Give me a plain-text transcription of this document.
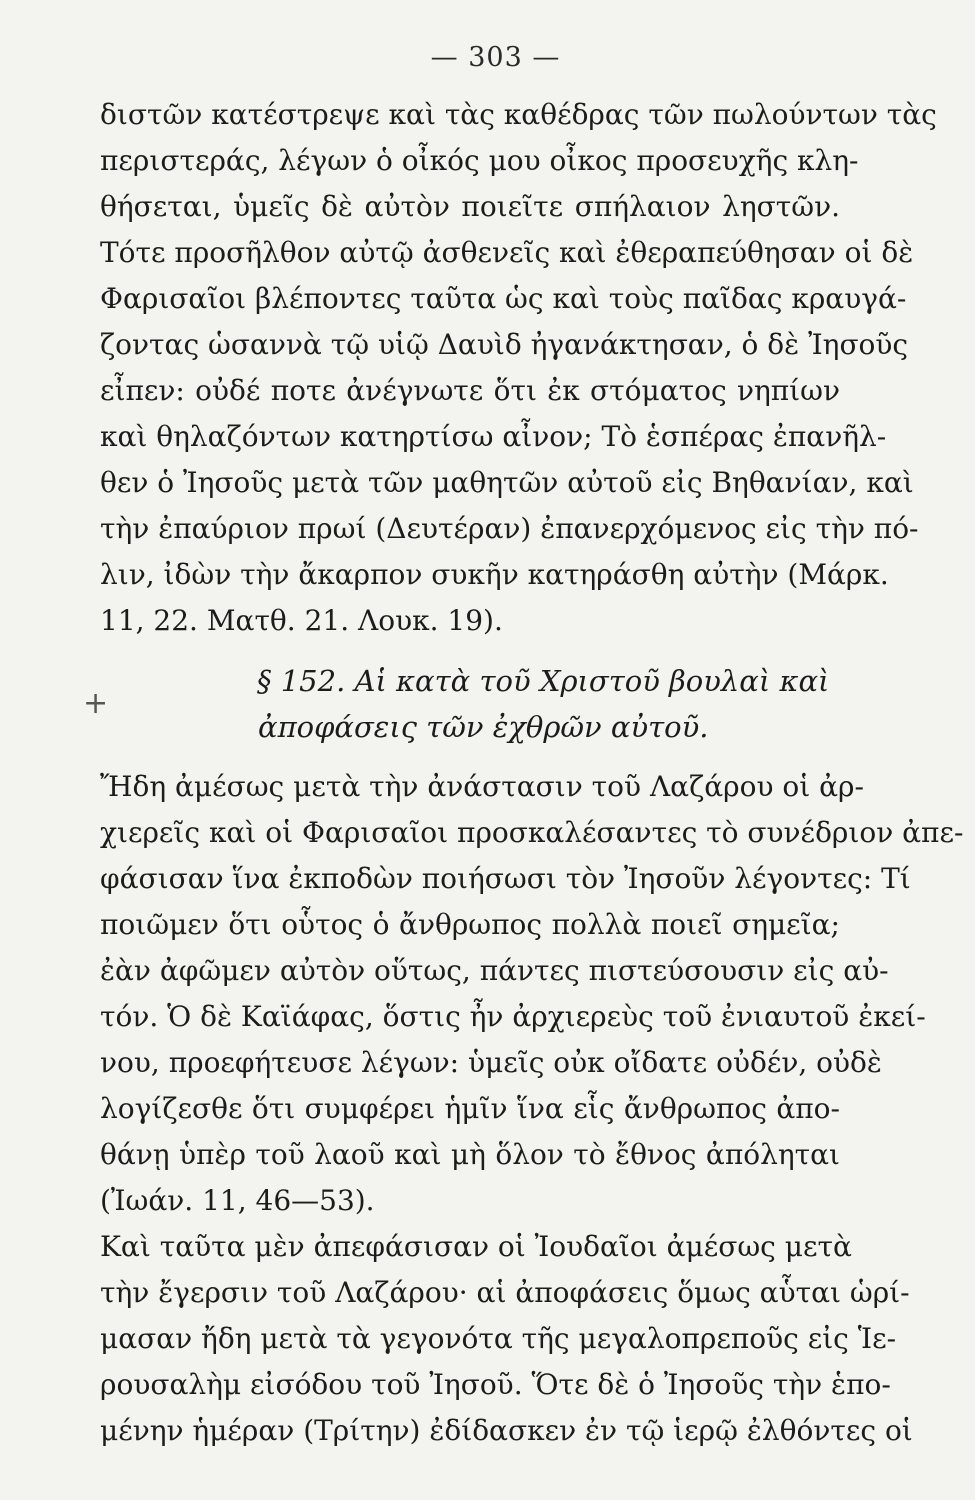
— 303 —
+
διστῶν κατέστρεψε καὶ τὰς καθέδρας τῶν πωλούντων τὰς
περιστεράς, λέγων ὁ οἶκός μου οἶκος προσευχῆς κλη-
θήσεται, ὑμεῖς δὲ αὐτὸν ποιεῖτε σπήλαιον ληστῶν.
Τότε προσῆλθον αὐτῷ ἀσθενεῖς καὶ ἐθεραπεύθησαν οἱ δὲ
Φαρισαῖοι βλέποντες ταῦτα ὡς καὶ τοὺς παῖδας κραυγά-
ζοντας ὡσαννὰ τῷ υἱῷ Δαυὶδ ἠγανάκτησαν, ὁ δὲ Ἰησοῦς
εἶπεν: οὐδέ ποτε ἀνέγνωτε ὅτι ἐκ στόματος νηπίων
καὶ θηλαζόντων κατηρτίσω αἶνον; Τὸ ἑσπέρας ἐπανῆλ-
θεν ὁ Ἰησοῦς μετὰ τῶν μαθητῶν αὐτοῦ εἰς Βηθανίαν, καὶ
τὴν ἐπαύριον πρωί (Δευτέραν) ἐπανερχόμενος εἰς τὴν πό-
λιν, ἰδὼν τὴν ἄκαρπον συκῆν κατηράσθη αὐτὴν (Μάρκ.
11, 22. Ματθ. 21. Λουκ. 19).
§ 152. Αἱ κατὰ τοῦ Χριστοῦ βουλαὶ καὶ
ἀποφάσεις τῶν ἐχθρῶν αὐτοῦ.
Ἤδη ἀμέσως μετὰ τὴν ἀνάστασιν τοῦ Λαζάρου οἱ ἀρ-
χιερεῖς καὶ οἱ Φαρισαῖοι προσκαλέσαντες τὸ συνέδριον ἀπε-
φάσισαν ἵνα ἐκποδὼν ποιήσωσι τὸν Ἰησοῦν λέγοντες: Τί
ποιῶμεν ὅτι οὗτος ὁ ἄνθρωπος πολλὰ ποιεῖ σημεῖα;
ἐὰν ἀφῶμεν αὐτὸν οὕτως, πάντες πιστεύσουσιν εἰς αὐ-
τόν. Ὁ δὲ Καϊάφας, ὅστις ἦν ἀρχιερεὺς τοῦ ἐνιαυτοῦ ἐκεί-
νου, προεφήτευσε λέγων: ὑμεῖς οὐκ οἴδατε οὐδέν, οὐδὲ
λογίζεσθε ὅτι συμφέρει ἡμῖν ἵνα εἷς ἄνθρωπος ἀπο-
θάνῃ ὑπὲρ τοῦ λαοῦ καὶ μὴ ὅλον τὸ ἔθνος ἀπόληται
(Ἰωάν. 11, 46—53).
Καὶ ταῦτα μὲν ἀπεφάσισαν οἱ Ἰουδαῖοι ἀμέσως μετὰ
τὴν ἔγερσιν τοῦ Λαζάρου· αἱ ἀποφάσεις ὅμως αὗται ὡρί-
μασαν ἤδη μετὰ τὰ γεγονότα τῆς μεγαλοπρεποῦς εἰς Ἱε-
ρουσαλὴμ εἰσόδου τοῦ Ἰησοῦ. Ὅτε δὲ ὁ Ἰησοῦς τὴν ἑπο-
μένην ἡμέραν (Τρίτην) ἐδίδασκεν ἐν τῷ ἱερῷ ἐλθόντες οἱ
